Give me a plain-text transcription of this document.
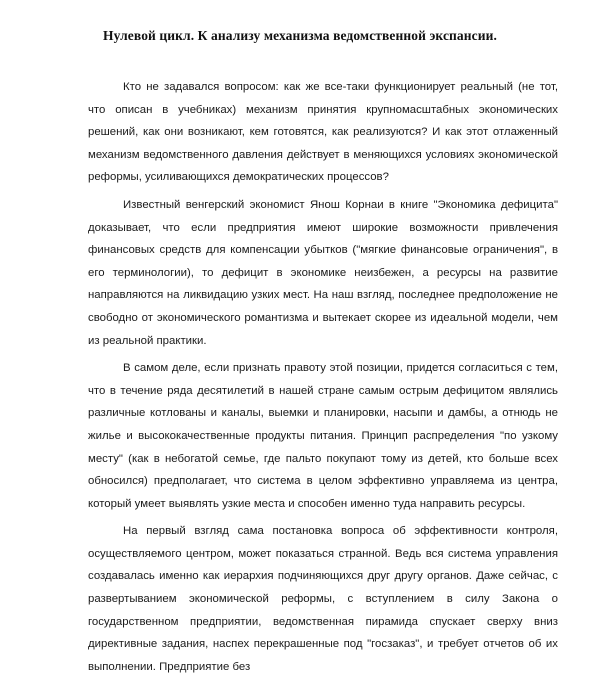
Нулевой цикл. К анализу механизма ведомственной экспансии.

Кто не задавался вопросом: как же все-таки функционирует реальный (не тот, что описан в учебниках) механизм принятия крупномасштабных экономических решений, как они возникают, кем готовятся, как реализуются? И как этот отлаженный механизм ведомственного давления действует в меняющихся условиях экономической реформы, усиливающихся демократических процессов?

Известный венгерский экономист Янош Корнаи в книге "Экономика дефицита" доказывает, что если предприятия имеют широкие возможности привлечения финансовых средств для компенсации убытков ("мягкие финансовые ограничения", в его терминологии), то дефицит в экономике неизбежен, а ресурсы на развитие направляются на ликвидацию узких мест. На наш взгляд, последнее предположение не свободно от экономического романтизма и вытекает скорее из идеальной модели, чем из реальной практики.

В самом деле, если признать правоту этой позиции, придется согласиться с тем, что в течение ряда десятилетий в нашей стране самым острым дефицитом являлись различные котлованы и каналы, выемки и планировки, насыпи и дамбы, а отнюдь не жилье и высококачественные продукты питания. Принцип распределения "по узкому месту" (как в небогатой семье, где пальто покупают тому из детей, кто больше всех обносился) предполагает, что система в целом эффективно управляема из центра, который умеет выявлять узкие места и способен именно туда направить ресурсы.

На первый взгляд сама постановка вопроса об эффективности контроля, осуществляемого центром, может показаться странной. Ведь вся система управления создавалась именно как иерархия подчиняющихся друг другу органов. Даже сейчас, с развертыванием экономической реформы, с вступлением в силу Закона о государственном предприятии, ведомственная пирамида спускает сверху вниз директивные задания, наспех перекрашенные под "госзаказ", и требует отчетов об их выполнении. Предприятие без
